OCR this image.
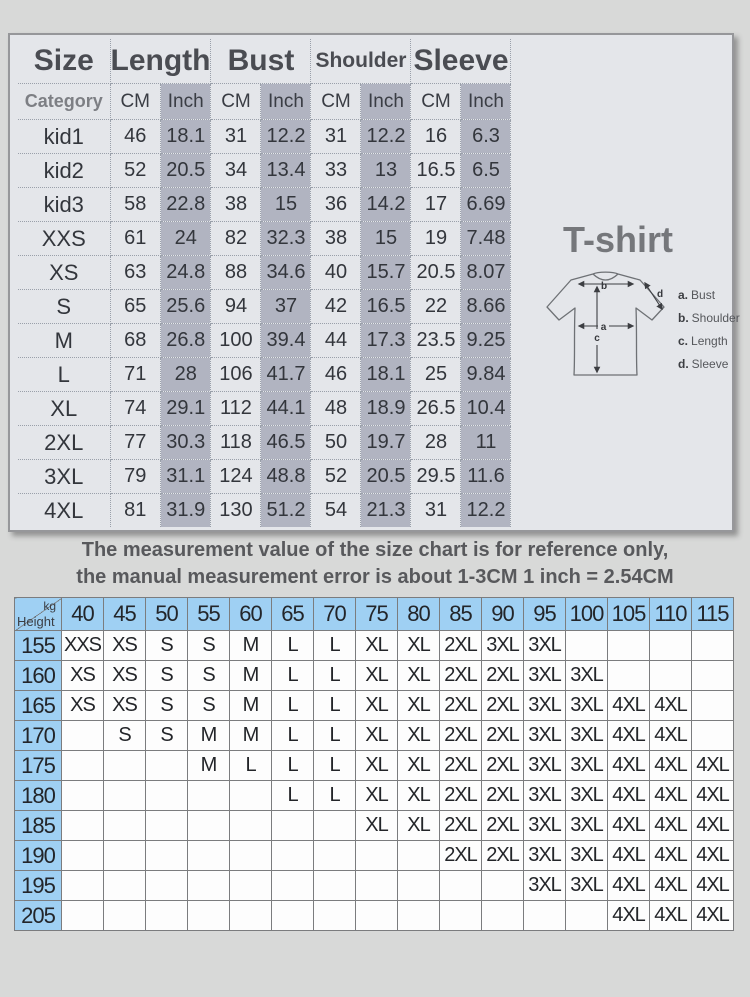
Size	Length		Bust		Shoulder		Sleeve	
Category	CM	Inch	CM	Inch	CM	Inch	CM	Inch
kid1	46	18.1	31	12.2	31	12.2	16	6.3
kid2	52	20.5	34	13.4	33	13	16.5	6.5
kid3	58	22.8	38	15	36	14.2	17	6.69
XXS	61	24	82	32.3	38	15	19	7.48
XS	63	24.8	88	34.6	40	15.7	20.5	8.07
S	65	25.6	94	37	42	16.5	22	8.66
M	68	26.8	100	39.4	44	17.3	23.5	9.25
L	71	28	106	41.7	46	18.1	25	9.84
XL	74	29.1	112	44.1	48	18.9	26.5	10.4
2XL	77	30.3	118	46.5	50	19.7	28	11
3XL	79	31.1	124	48.8	52	20.5	29.5	11.6
4XL	81	31.9	130	51.2	54	21.3	31	12.2
T-shirt
b
d
a
c
a. Bust
b. Shoulder
c. Length
d. Sleeve
The measurement value of the size chart is for reference only,
the manual measurement error is about 1-3CM 1 inch = 2.54CM
kg
Height	40	45	50	55	60	65	70	75	80	85	90	95	100	105	110	115
155	XXS	XS	S	S	M	L	L	XL	XL	2XL	3XL	3XL				
160	XS	XS	S	S	M	L	L	XL	XL	2XL	2XL	3XL	3XL			
165	XS	XS	S	S	M	L	L	XL	XL	2XL	2XL	3XL	3XL	4XL	4XL	
170		S	S	M	M	L	L	XL	XL	2XL	2XL	3XL	3XL	4XL	4XL	
175				M	L	L	L	XL	XL	2XL	2XL	3XL	3XL	4XL	4XL	4XL
180						L	L	XL	XL	2XL	2XL	3XL	3XL	4XL	4XL	4XL
185								XL	XL	2XL	2XL	3XL	3XL	4XL	4XL	4XL
190										2XL	2XL	3XL	3XL	4XL	4XL	4XL
195												3XL	3XL	4XL	4XL	4XL
205														4XL	4XL	4XL
